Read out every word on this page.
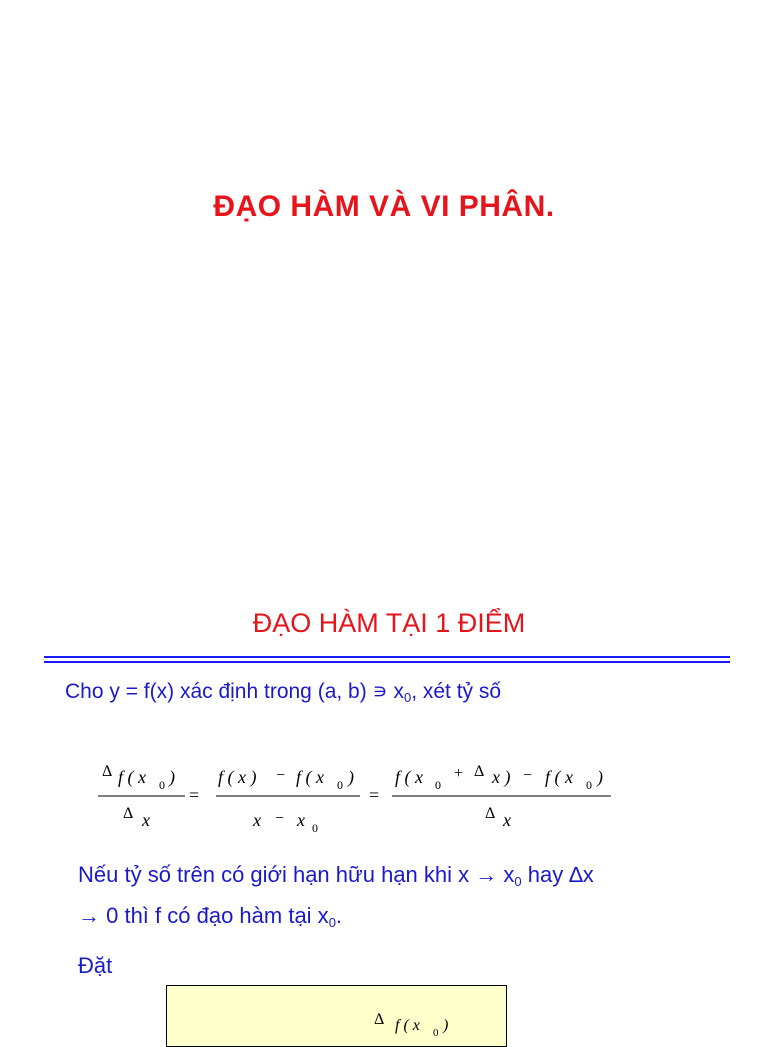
ĐẠO HÀM VÀ VI PHÂN.
ĐẠO HÀM TẠI 1 ĐIỂM
Cho y = f(x) xác định trong (a, b) ∍ $x_0$, xét tỷ số
Δ f ( x 0 )
Δ x
=
f ( x ) − f ( x 0 )
x − x 0
=
f ( x 0
+ Δ x ) − f ( x 0 )
Δ x
Nếu tỷ số trên có giới hạn hữu hạn khi $x \to x_0$ hay ∆x
→ 0 thì f có đạo hàm tại $x_0$.
Đặt
Δ f ( x 0 )
